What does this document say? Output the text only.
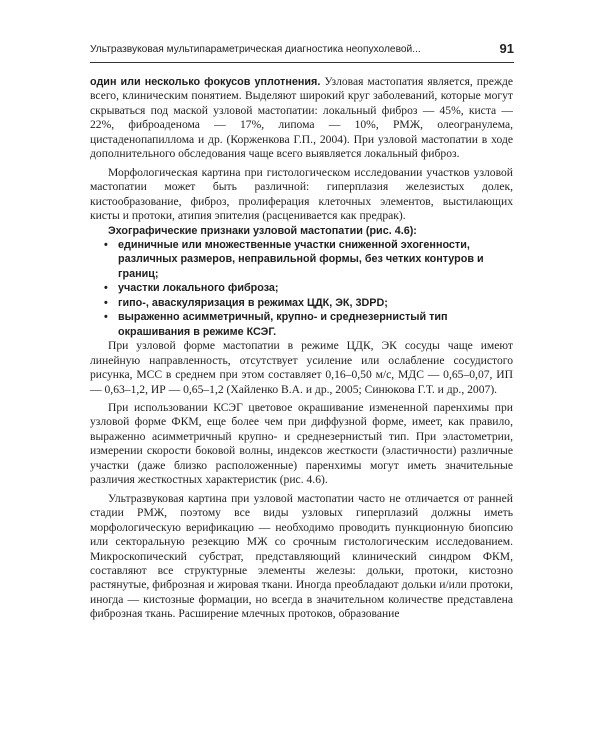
Ультразвуковая мультипараметрическая диагностика неопухолевой...	91

один или несколько фокусов уплотнения. Узловая мастопатия является, прежде всего, клиническим понятием. Выделяют широкий круг заболеваний, которые могут скрываться под маской узловой мастопатии: локальный фиброз — 45%, киста — 22%, фиброаденома — 17%, липома — 10%, РМЖ, олеогранулема, цистаденопапиллома и др. (Корженкова Г.П., 2004). При узловой мастопатии в ходе дополнительного обследования чаще всего выявляется локальный фиброз.

Морфологическая картина при гистологическом исследовании участков узловой мастопатии может быть различной: гиперплазия железистых долек, кистообразование, фиброз, пролиферация клеточных элементов, выстилающих кисты и протоки, атипия эпителия (расценивается как предрак).

Эхографические признаки узловой мастопатии (рис. 4.6):
• единичные или множественные участки сниженной эхогенности, различных размеров, неправильной формы, без четких контуров и границ;
• участки локального фиброза;
• гипо-, аваскуляризация в режимах ЦДК, ЭК, 3DPD;
• выраженно асимметричный, крупно- и среднезернистый тип окрашивания в режиме КСЭГ.

При узловой форме мастопатии в режиме ЦДК, ЭК сосуды чаще имеют линейную направленность, отсутствует усиление или ослабление сосудистого рисунка, МСС в среднем при этом составляет 0,16–0,50 м/с, МДС — 0,65–0,07, ИП — 0,63–1,2, ИР — 0,65–1,2 (Хайленко В.А. и др., 2005; Синюкова Г.Т. и др., 2007).

При использовании КСЭГ цветовое окрашивание измененной паренхимы при узловой форме ФКМ, еще более чем при диффузной форме, имеет, как правило, выраженно асимметричный крупно- и среднезернистый тип. При эластометрии, измерении скорости боковой волны, индексов жесткости (эластичности) различные участки (даже близко расположенные) паренхимы могут иметь значительные различия жесткостных характеристик (рис. 4.6).

Ультразвуковая картина при узловой мастопатии часто не отличается от ранней стадии РМЖ, поэтому все виды узловых гиперплазий должны иметь морфологическую верификацию — необходимо проводить пункционную биопсию или секторальную резекцию МЖ со срочным гистологическим исследованием. Микроскопический субстрат, представляющий клинический синдром ФКМ, составляют все структурные элементы железы: дольки, протоки, кистозно растянутые, фиброзная и жировая ткани. Иногда преобладают дольки и/или протоки, иногда — кистозные формации, но всегда в значительном количестве представлена фиброзная ткань. Расширение млечных протоков, образование
